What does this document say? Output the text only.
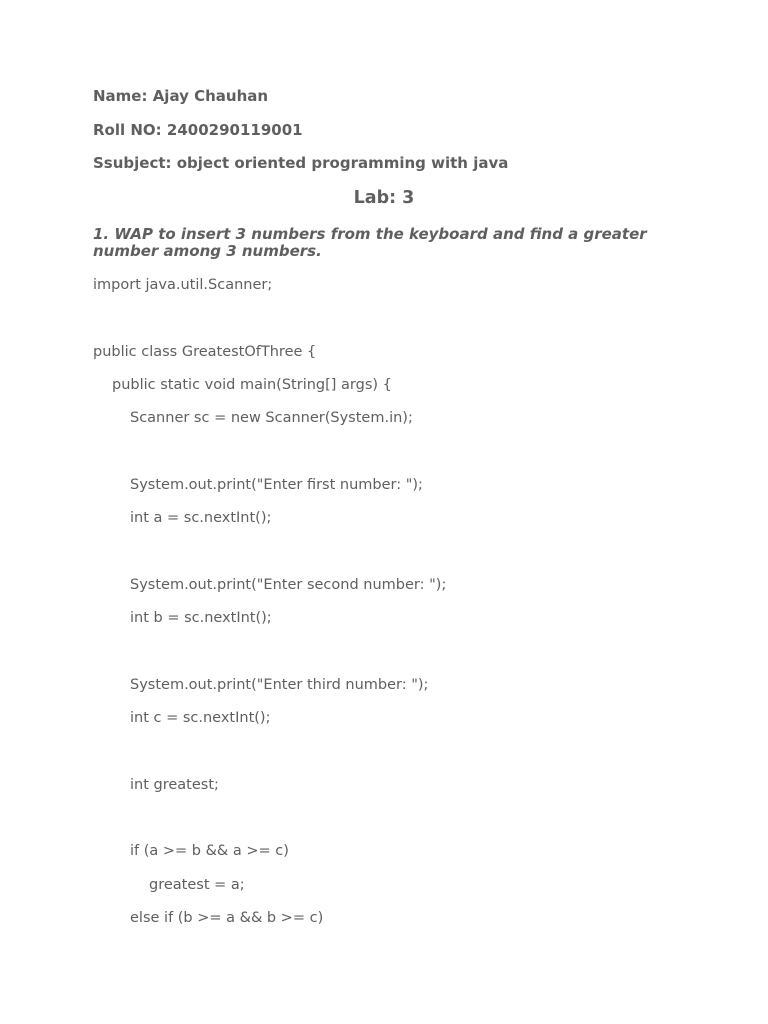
Name: Ajay Chauhan
Roll NO: 2400290119001
Ssubject: object oriented programming with java
Lab: 3
1. WAP to insert 3 numbers from the keyboard and find a greater number among 3 numbers.
import java.util.Scanner;
public class GreatestOfThree {
public static void main(String[] args) {
Scanner sc = new Scanner(System.in);
System.out.print("Enter first number: ");
int a = sc.nextInt();
System.out.print("Enter second number: ");
int b = sc.nextInt();
System.out.print("Enter third number: ");
int c = sc.nextInt();
int greatest;
if (a >= b && a >= c)
greatest = a;
else if (b >= a && b >= c)
